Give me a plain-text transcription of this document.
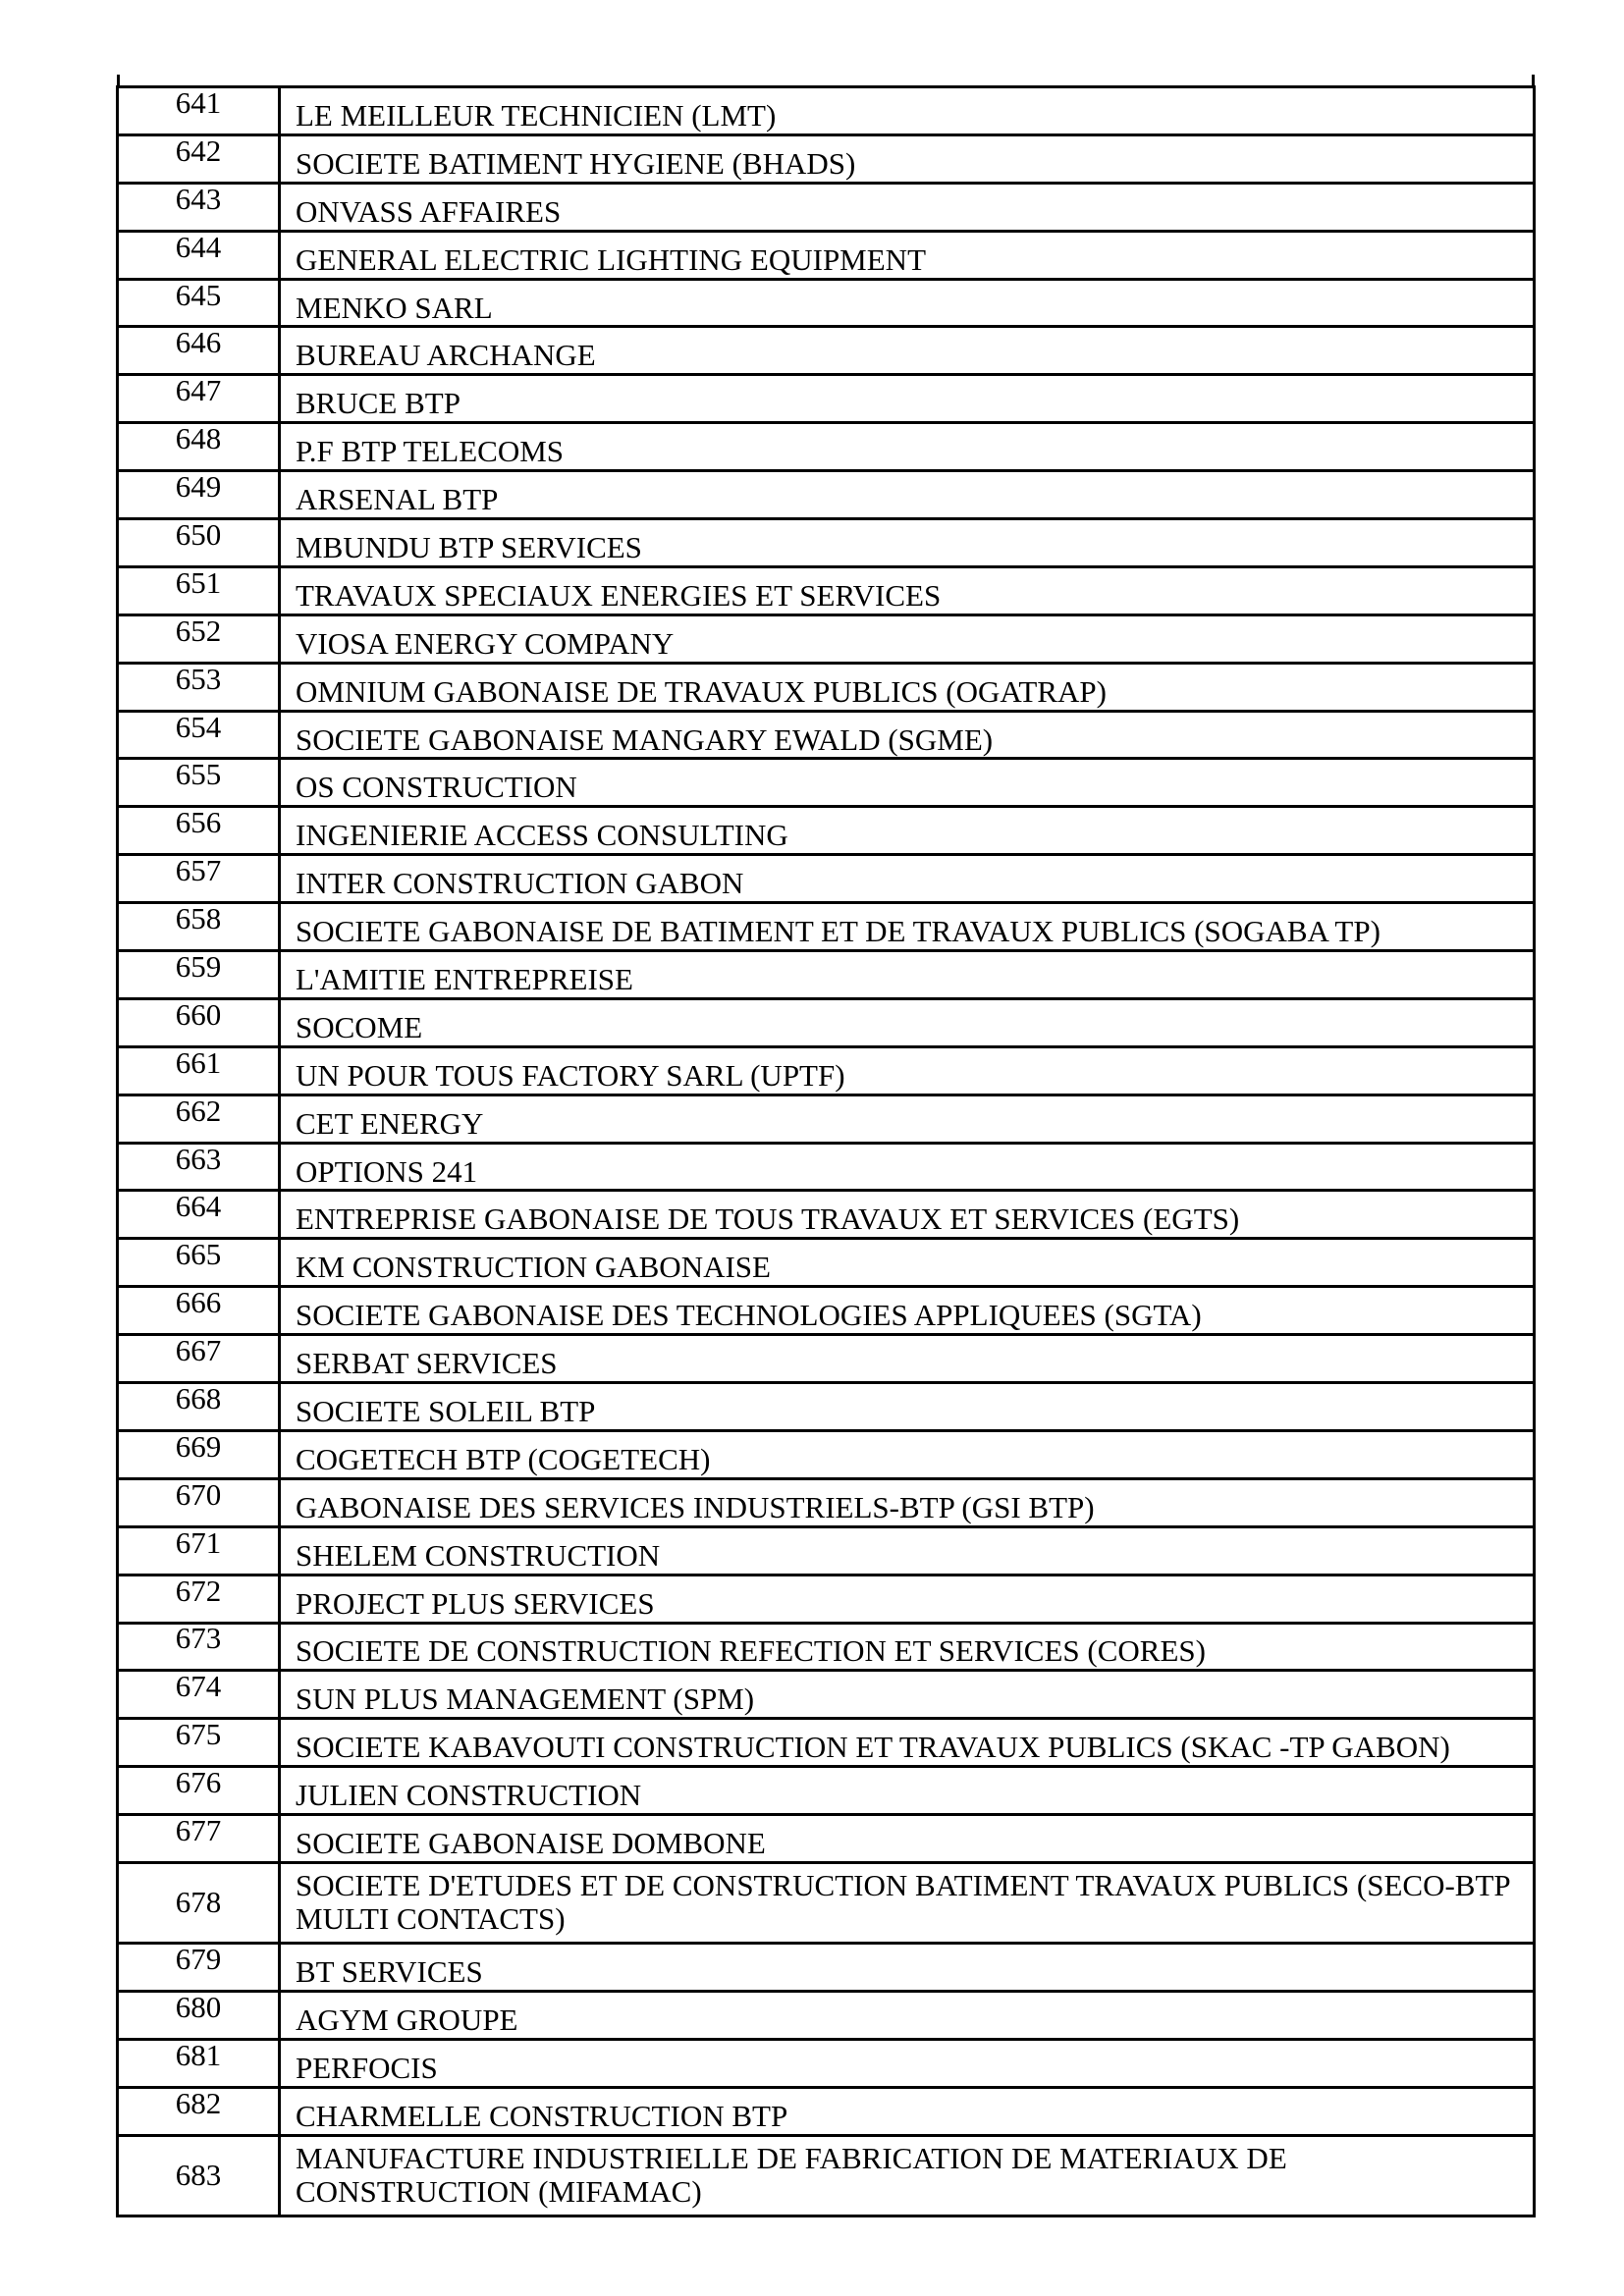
641	LE MEILLEUR TECHNICIEN (LMT)
642	SOCIETE BATIMENT HYGIENE (BHADS)
643	ONVASS AFFAIRES
644	GENERAL ELECTRIC LIGHTING EQUIPMENT
645	MENKO SARL
646	BUREAU ARCHANGE
647	BRUCE BTP
648	P.F BTP TELECOMS
649	ARSENAL BTP
650	MBUNDU BTP SERVICES
651	TRAVAUX SPECIAUX ENERGIES ET SERVICES
652	VIOSA ENERGY COMPANY
653	OMNIUM GABONAISE DE TRAVAUX PUBLICS (OGATRAP)
654	SOCIETE GABONAISE MANGARY EWALD (SGME)
655	OS CONSTRUCTION
656	INGENIERIE ACCESS CONSULTING
657	INTER CONSTRUCTION GABON
658	SOCIETE GABONAISE DE BATIMENT ET DE TRAVAUX PUBLICS (SOGABA TP)
659	L'AMITIE ENTREPREISE
660	SOCOME
661	UN POUR TOUS FACTORY SARL (UPTF)
662	CET ENERGY
663	OPTIONS 241
664	ENTREPRISE GABONAISE DE TOUS TRAVAUX ET SERVICES (EGTS)
665	KM CONSTRUCTION GABONAISE
666	SOCIETE GABONAISE DES TECHNOLOGIES APPLIQUEES (SGTA)
667	SERBAT SERVICES
668	SOCIETE SOLEIL BTP
669	COGETECH BTP (COGETECH)
670	GABONAISE DES SERVICES INDUSTRIELS-BTP (GSI BTP)
671	SHELEM CONSTRUCTION
672	PROJECT PLUS SERVICES
673	SOCIETE DE CONSTRUCTION REFECTION ET SERVICES (CORES)
674	SUN PLUS MANAGEMENT (SPM)
675	SOCIETE KABAVOUTI CONSTRUCTION ET TRAVAUX PUBLICS (SKAC -TP GABON)
676	JULIEN CONSTRUCTION
677	SOCIETE GABONAISE DOMBONE
678	SOCIETE D'ETUDES ET DE CONSTRUCTION BATIMENT TRAVAUX PUBLICS (SECO-BTP MULTI CONTACTS)
679	BT SERVICES
680	AGYM GROUPE
681	PERFOCIS
682	CHARMELLE CONSTRUCTION BTP
683	MANUFACTURE INDUSTRIELLE DE FABRICATION DE MATERIAUX DE CONSTRUCTION (MIFAMAC)
